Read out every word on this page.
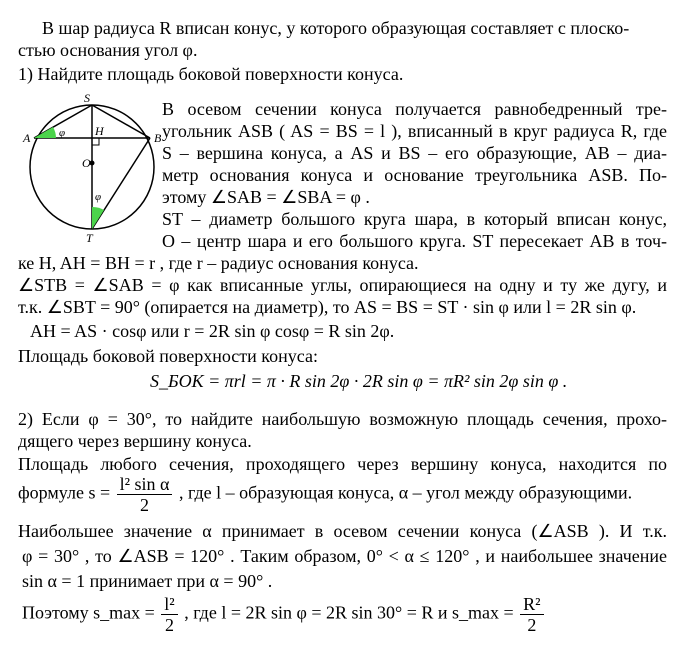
В шар радиуса R вписан конус, у которого образующая составляет с плоско-
стью основания угол φ.
1) Найдите площадь боковой поверхности конуса.
S
A	B
H
O
T
φ
φ
В осевом сечении конуса получается равнобедренный тре-
угольник ASB ( AS = BS = l ), вписанный в круг радиуса R, где
S – вершина конуса, а AS и BS – его образующие, AB – диа-
метр основания конуса и основание треугольника ASB. По-
этому ∠SAB = ∠SBA = φ .
ST – диаметр большого круга шара, в который вписан конус,
O – центр шара и его большого круга. ST пересекает AB в точ-
ке H, AH = BH = r , где r – радиус основания конуса.
∠STB = ∠SAB = φ как вписанные углы, опирающиеся на одну и ту же дугу, и
т.к. ∠SBT = 90° (опирается на диаметр), то AS = BS = ST · sin φ или l = 2R sin φ.
AH = AS · cosφ или r = 2R sin φ cosφ = R sin 2φ.
Площадь боковой поверхности конуса:
S_БОК = πrl = π · R sin 2φ · 2R sin φ = πR² sin 2φ sin φ .
2) Если φ = 30°, то найдите наибольшую возможную площадь сечения, прохо-
дящего через вершину конуса.
Площадь любого сечения, проходящего через вершину конуса, находится по
формуле $s = \frac{\text{l² sin α}}{2}$ , где l – образующая конуса, α – угол между образующими.
Наибольшее значение α принимает в осевом сечении конуса (∠ASB ). И т.к.
φ = 30° , то ∠ASB = 120° . Таким образом, 0° < α ≤ 120° , и наибольшее значение
sin α = 1 принимает при α = 90° .
Поэтому s_max = $\frac{\text{l²}}{2}$ , где l = 2R sin φ = 2R sin 30° = R и s_max = $\frac{\text{R²}}{2}$
